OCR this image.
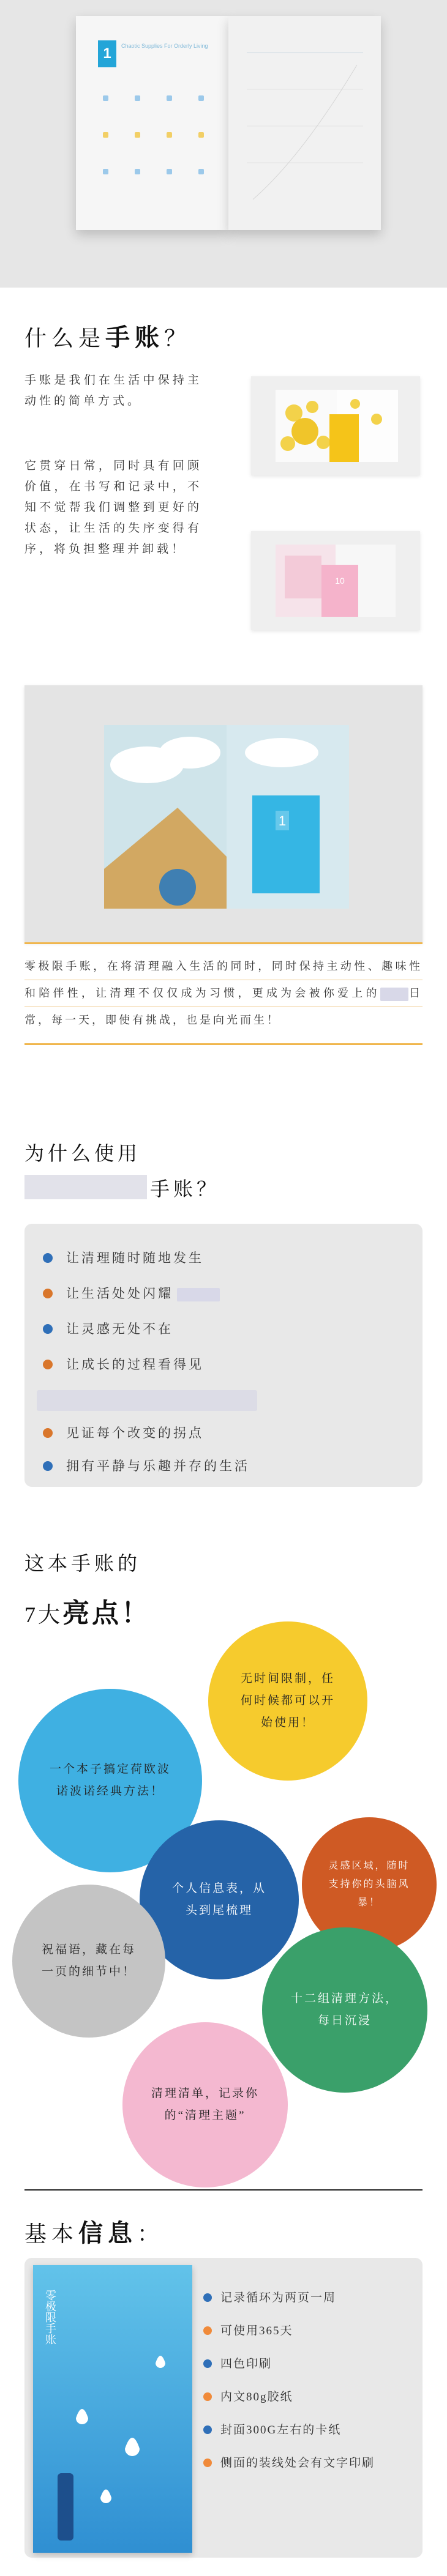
1	Chaotic Supplies For Orderly Living
什么是手账？
手账是我们在生活中保持主动性的简单方式。
它贯穿日常，同时具有回顾价值，在书写和记录中，不知不觉帮我们调整到更好的状态，让生活的失序变得有序，将负担整理并卸载！
10
1
零极限手账，在将清理融入生活的同时，同时保持主动性、趣味性和陪伴性，让清理不仅仅成为习惯，更成为会被你爱上的	日常，每一天，即使有挑战，也是向光而生！
为什么使用
手账？
让清理随时随地发生
让生活处处闪耀
让灵感无处不在
让成长的过程看得见
见证每个改变的拐点
拥有平静与乐趣并存的生活
这本手账的
7大亮点！
一个本子搞定荷欧波诺波诺经典方法！
无时间限制，任何时候都可以开始使用！
个人信息表，从头到尾梳理
灵感区域，随时支持你的头脑风暴！
祝福语，藏在每一页的细节中！
十二组清理方法，每日沉浸
清理清单，记录你的“清理主题”
基本信息：
零极限手账	记录循环为两页一周
可使用365天
四色印刷
内文80g胶纸
封面300G左右的卡纸
侧面的装线处会有文字印刷
